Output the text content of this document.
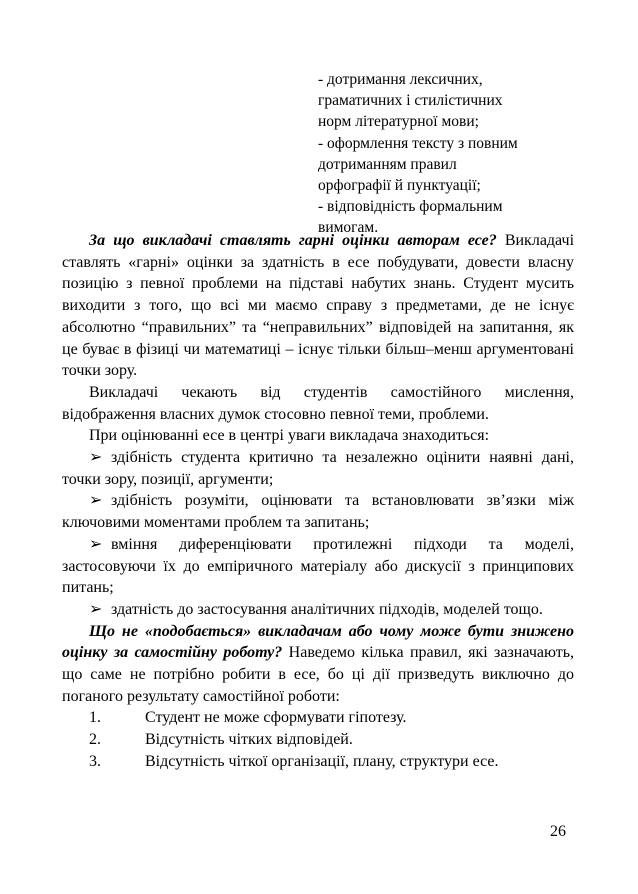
- дотримання лексичних,
граматичних і стилістичних
норм літературної мови;
- оформлення тексту з повним
дотриманням правил
орфографії й пунктуації;
- відповідність формальним
вимогам.

За що викладачі ставлять гарні оцінки авторам есе? Викладачі ставлять «гарні» оцінки за здатність в есе побудувати, довести власну позицію з певної проблеми на підставі набутих знань. Студент мусить виходити з того, що всі ми маємо справу з предметами, де не існує абсолютно “правильних” та “неправильних” відповідей на запитання, як це буває в фізиці чи математиці – існує тільки більш–менш аргументовані точки зору.

Викладачі чекають від студентів самостійного мислення, відображення власних думок стосовно певної теми, проблеми.

При оцінюванні есе в центрі уваги викладача знаходиться:

➢ здібність студента критично та незалежно оцінити наявні дані, точки зору, позиції, аргументи;

➢ здібність розуміти, оцінювати та встановлювати зв’язки між ключовими моментами проблем та запитань;

➢ вміння диференціювати протилежні підходи та моделі, застосовуючи їх до емпіричного матеріалу або дискусії з принципових питань;

➢ здатність до застосування аналітичних підходів, моделей тощо.

Що не «подобається» викладачам або чому може бути знижено оцінку за самостійну роботу? Наведемо кілька правил, які зазначають, що саме не потрібно робити в есе, бо ці дії призведуть виключно до поганого результату самостійної роботи:

1.	Студент не може сформувати гіпотезу.
2.	Відсутність чітких відповідей.
3.	Відсутність чіткої організації, плану, структури есе.
26
